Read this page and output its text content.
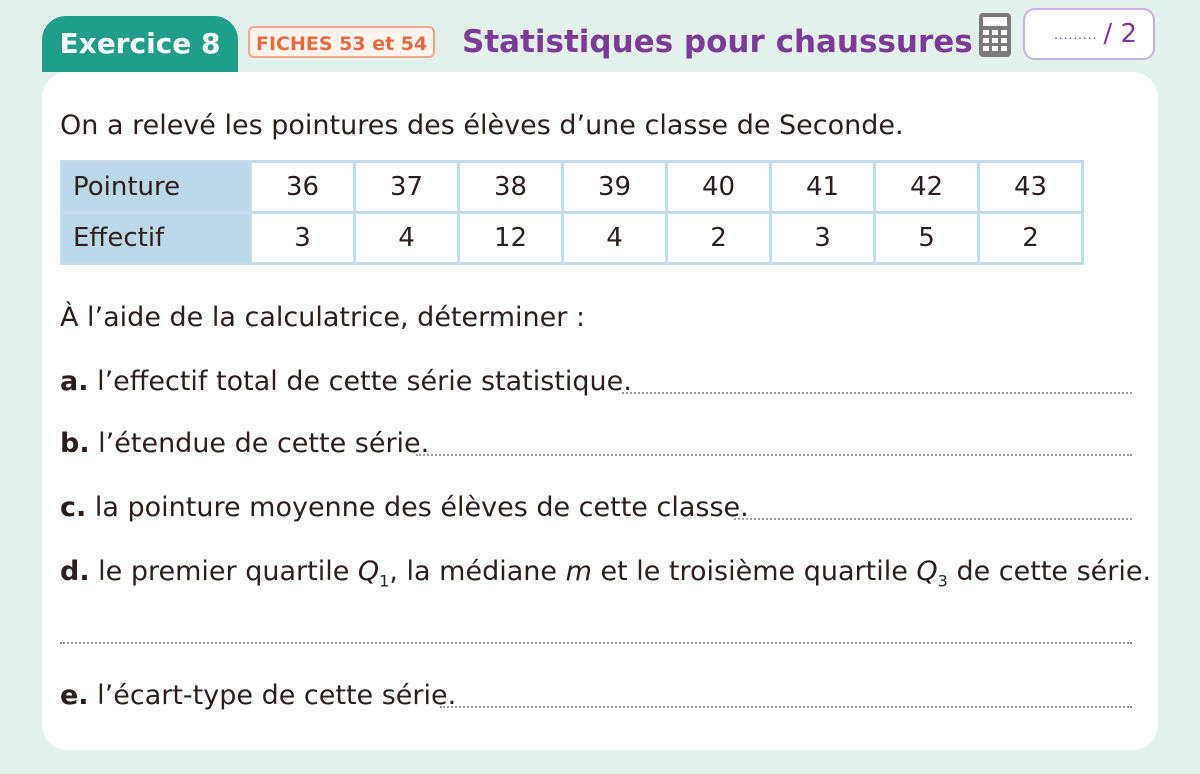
Exercice 8	FICHES 53 et 54 Statistiques pour chaussures	......... / 2
On a relevé les pointures des élèves d’une classe de Seconde.
Pointure	36	37	38	39	40	41	42	43
Effectif	3	4	12	4	2	3	5	2
À l’aide de la calculatrice, déterminer :
a. l’effectif total de cette série statistique.
b. l’étendue de cette série.
c. la pointure moyenne des élèves de cette classe.
d. le premier quartile $Q_1$, la médiane m et le troisième quartile $Q_3$ de cette série.
e. l’écart-type de cette série.
